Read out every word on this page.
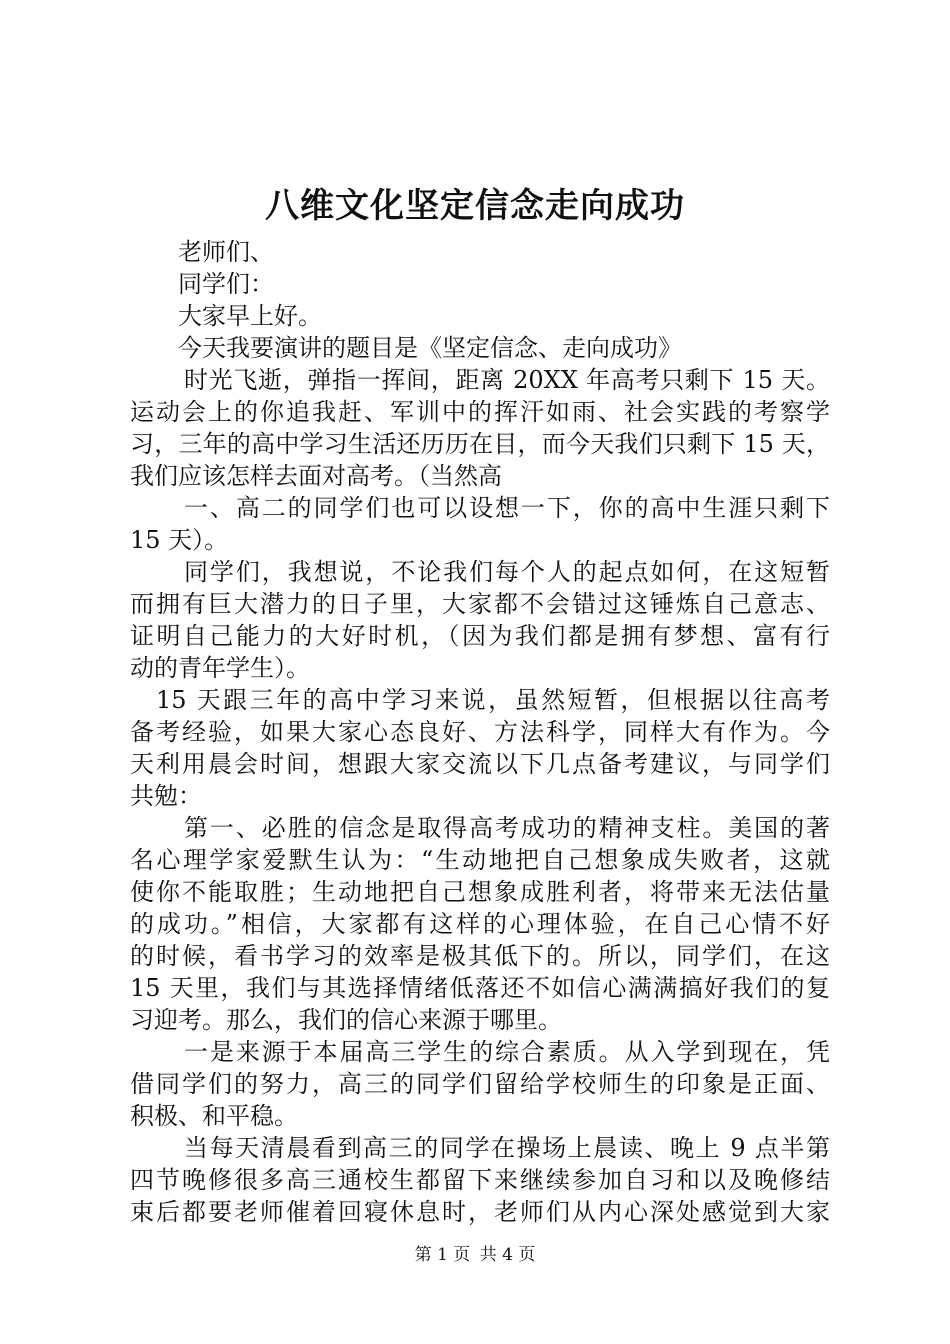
八维文化坚定信念走向成功
老师们、
同学们：
大家早上好。
今天我要演讲的题目是《坚定信念、走向成功》
时光飞逝，弹指一挥间，距离 20XX 年高考只剩下 15 天。
运动会上的你追我赶、军训中的挥汗如雨、社会实践的考察学
习，三年的高中学习生活还历历在目，而今天我们只剩下 15 天，
我们应该怎样去面对高考。（当然高
一、高二的同学们也可以设想一下，你的高中生涯只剩下
15 天）。
同学们，我想说，不论我们每个人的起点如何，在这短暂
而拥有巨大潜力的日子里，大家都不会错过这锤炼自己意志、
证明自己能力的大好时机，（因为我们都是拥有梦想、富有行
动的青年学生）。
15 天跟三年的高中学习来说，虽然短暂，但根据以往高考
备考经验，如果大家心态良好、方法科学，同样大有作为。今
天利用晨会时间，想跟大家交流以下几点备考建议，与同学们
共勉：
第一、必胜的信念是取得高考成功的精神支柱。美国的著
名心理学家爱默生认为：“生动地把自己想象成失败者，这就
使你不能取胜；生动地把自己想象成胜利者，将带来无法估量
的成功。”相信，大家都有这样的心理体验，在自己心情不好
的时候，看书学习的效率是极其低下的。所以，同学们，在这
15 天里，我们与其选择情绪低落还不如信心满满搞好我们的复
习迎考。那么，我们的信心来源于哪里。
一是来源于本届高三学生的综合素质。从入学到现在，凭
借同学们的努力，高三的同学们留给学校师生的印象是正面、
积极、和平稳。
当每天清晨看到高三的同学在操场上晨读、晚上 9 点半第
四节晚修很多高三通校生都留下来继续参加自习和以及晚修结
束后都要老师催着回寝休息时，老师们从内心深处感觉到大家
第 1 页 共 4 页
